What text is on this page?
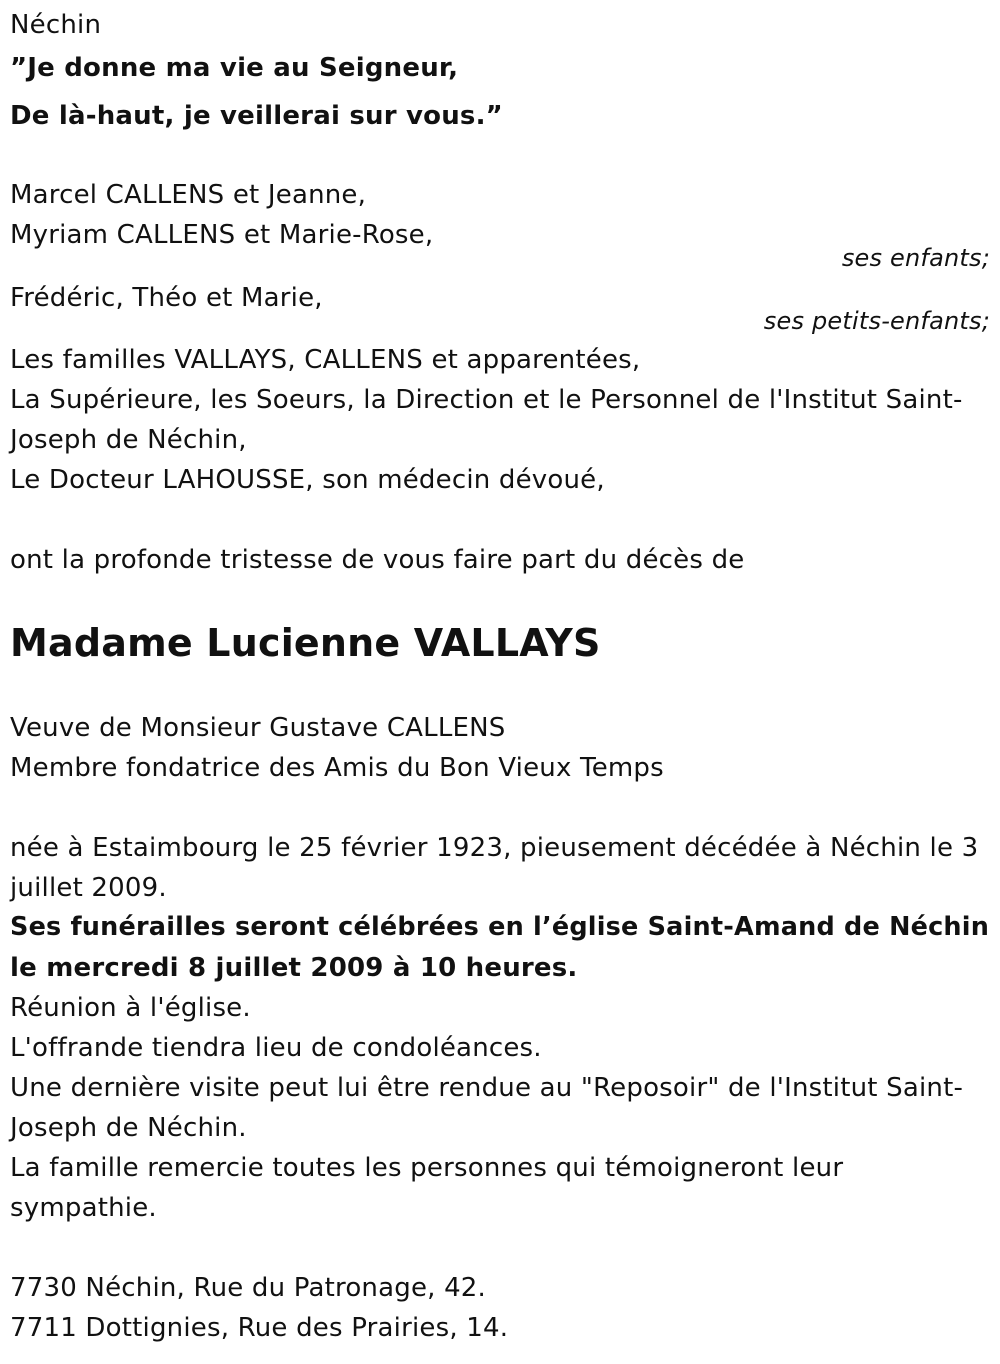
Néchin
”Je donne ma vie au Seigneur,
De là-haut, je veillerai sur vous.”
Marcel CALLENS et Jeanne,
Myriam CALLENS et Marie-Rose,
ses enfants;
Frédéric, Théo et Marie,
ses petits-enfants;
Les familles VALLAYS, CALLENS et apparentées,
La Supérieure, les Soeurs, la Direction et le Personnel de l'Institut Saint-
Joseph de Néchin,
Le Docteur LAHOUSSE, son médecin dévoué,
ont la profonde tristesse de vous faire part du décès de
Madame Lucienne VALLAYS
Veuve de Monsieur Gustave CALLENS
Membre fondatrice des Amis du Bon Vieux Temps
née à Estaimbourg le 25 février 1923, pieusement décédée à Néchin le 3
juillet 2009.
Ses funérailles seront célébrées en l’église Saint-Amand de Néchin
le mercredi 8 juillet 2009 à 10 heures.
Réunion à l'église.
L'offrande tiendra lieu de condoléances.
Une dernière visite peut lui être rendue au "Reposoir" de l'Institut Saint-
Joseph de Néchin.
La famille remercie toutes les personnes qui témoigneront leur
sympathie.
7730 Néchin, Rue du Patronage, 42.
7711 Dottignies, Rue des Prairies, 14.
